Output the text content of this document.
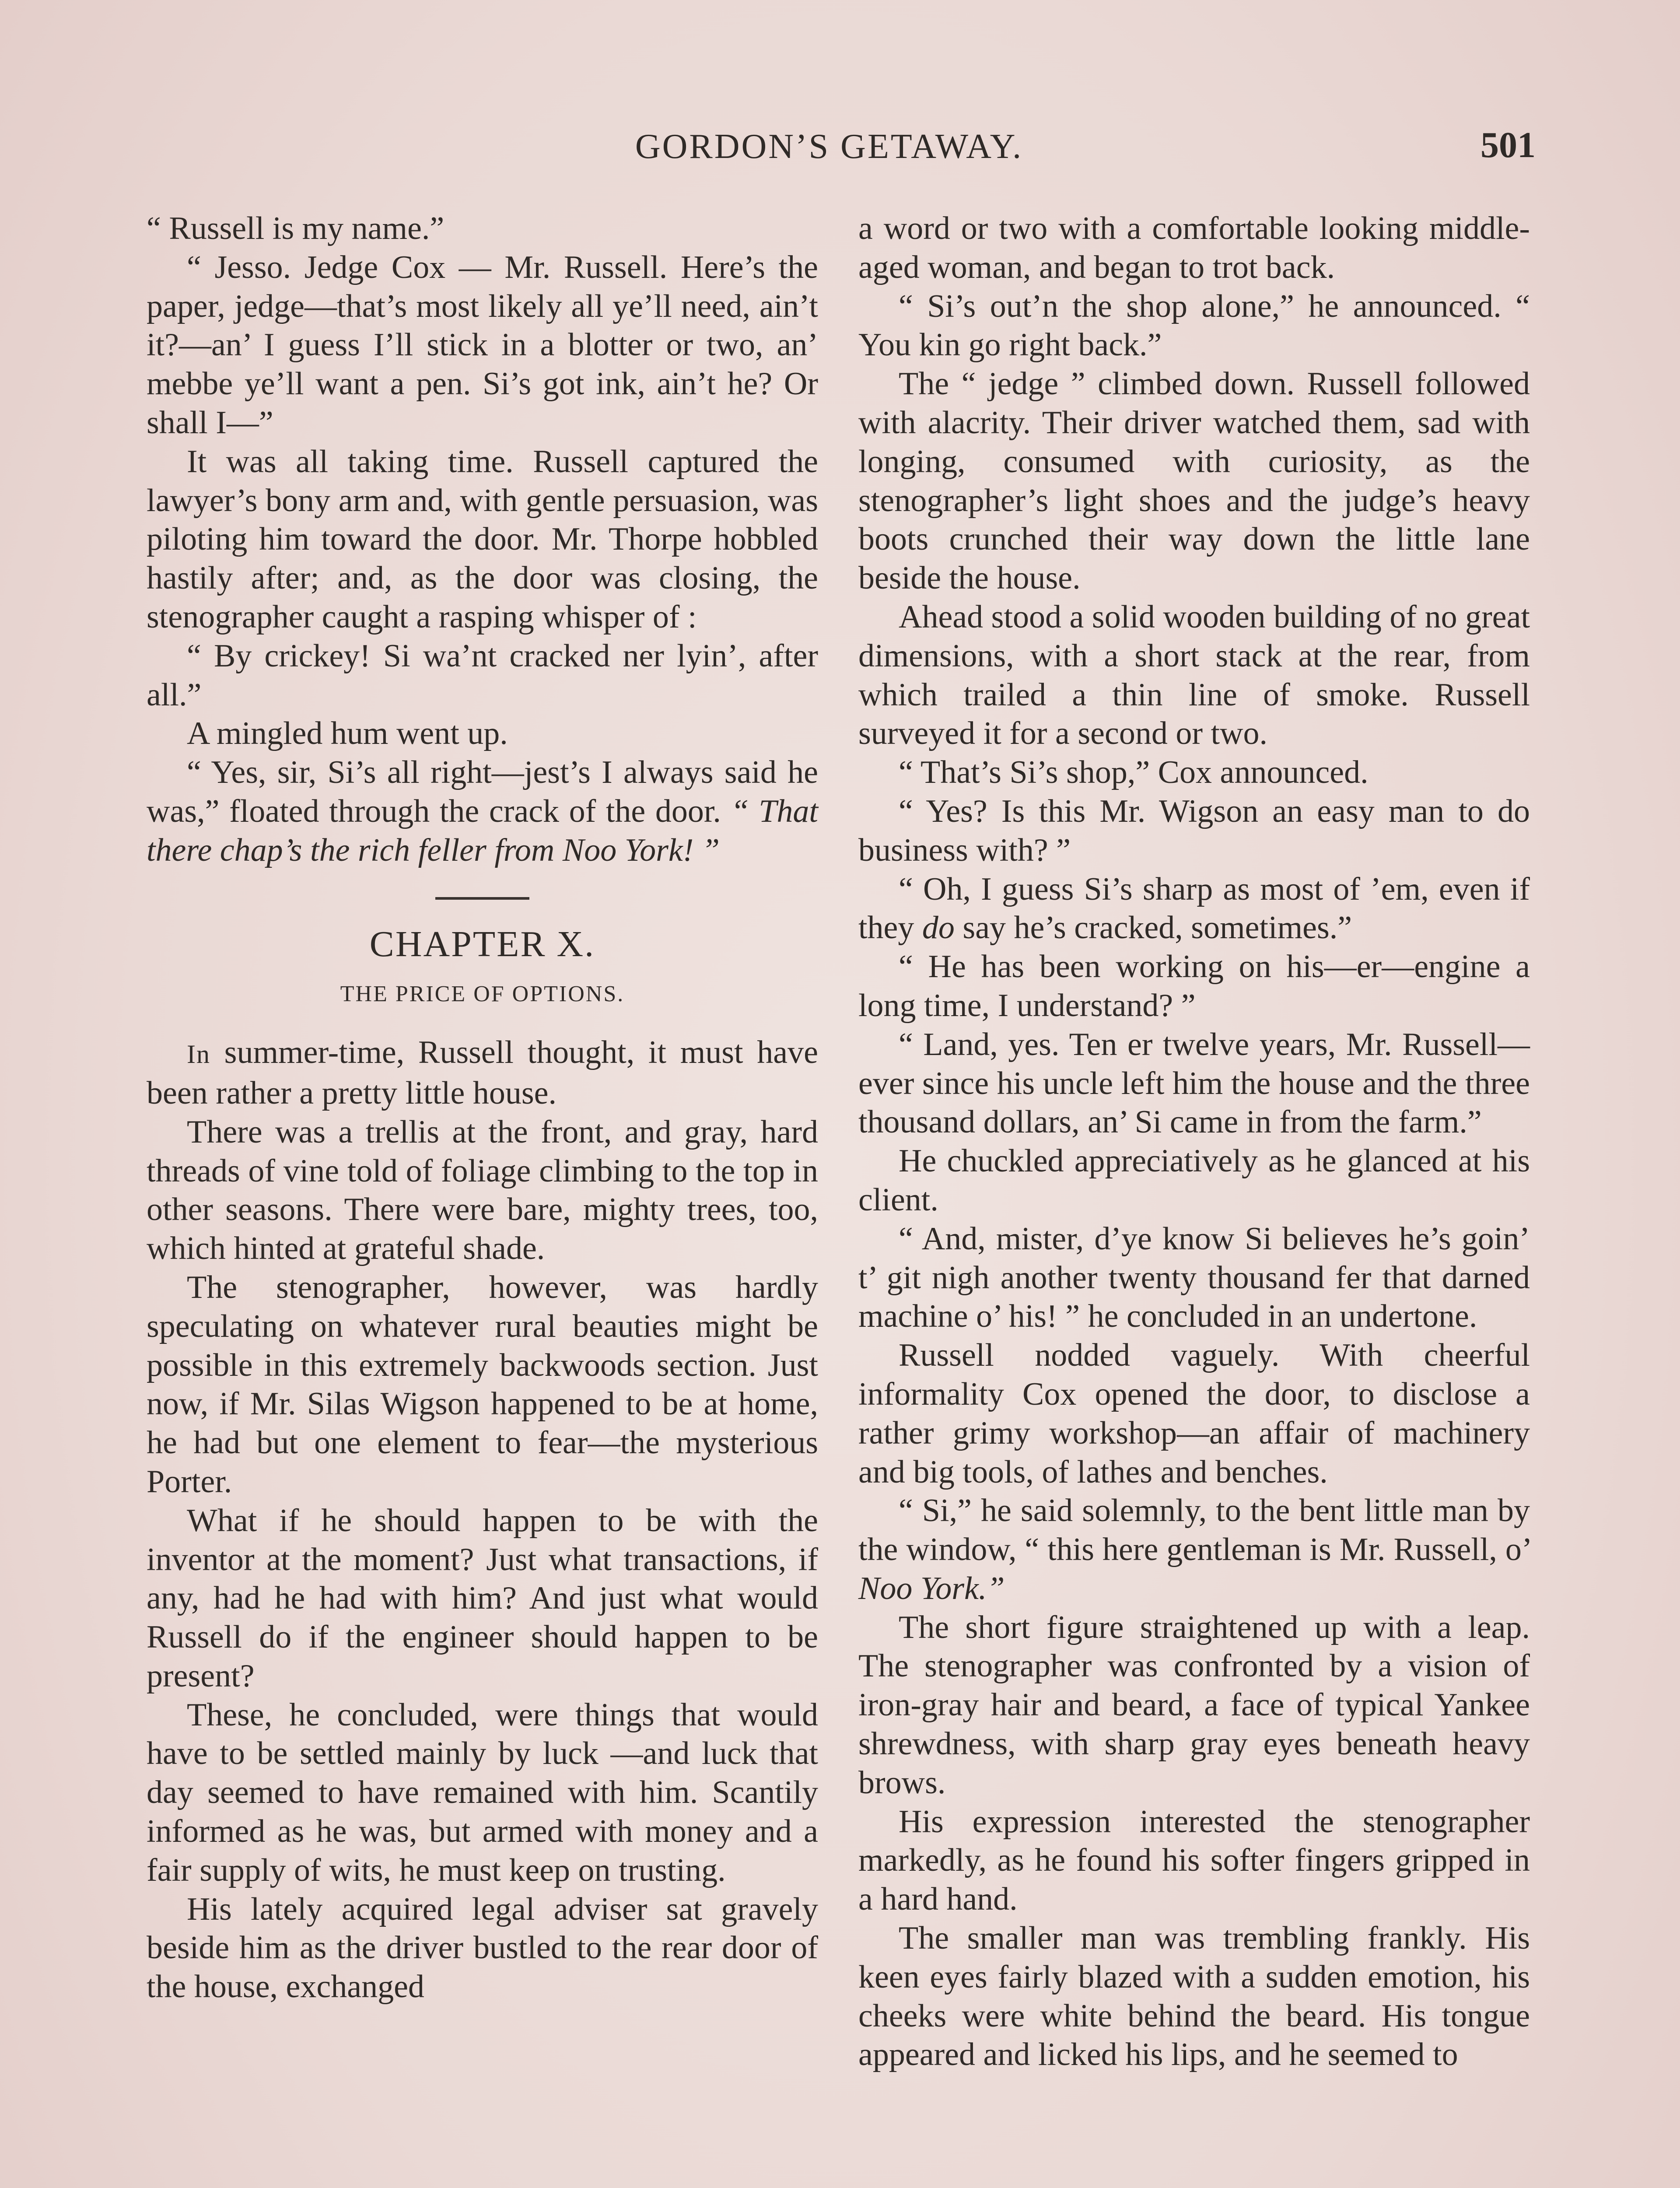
GORDON’S GETAWAY.	501

“ Russell is my name.”

“ Jesso. Jedge Cox — Mr. Russell. Here’s the paper, jedge—that’s most likely all ye’ll need, ain’t it?—an’ I guess I’ll stick in a blotter or two, an’ mebbe ye’ll want a pen. Si’s got ink, ain’t he? Or shall I—”

It was all taking time. Russell captured the lawyer’s bony arm and, with gentle persuasion, was piloting him toward the door. Mr. Thorpe hobbled hastily after; and, as the door was closing, the stenographer caught a rasping whisper of :

“ By crickey! Si wa’nt cracked ner lyin’, after all.”

A mingled hum went up.

“ Yes, sir, Si’s all right—jest’s I always said he was,” floated through the crack of the door. “ That there chap’s the rich feller from Noo York! ”

CHAPTER X.

THE PRICE OF OPTIONS.

In summer-time, Russell thought, it must have been rather a pretty little house.

There was a trellis at the front, and gray, hard threads of vine told of foliage climbing to the top in other seasons. There were bare, mighty trees, too, which hinted at grateful shade.

The stenographer, however, was hardly speculating on whatever rural beauties might be possible in this extremely backwoods section. Just now, if Mr. Silas Wigson happened to be at home, he had but one element to fear—the mysterious Porter.

What if he should happen to be with the inventor at the moment? Just what transactions, if any, had he had with him? And just what would Russell do if the engineer should happen to be present?

These, he concluded, were things that would have to be settled mainly by luck —and luck that day seemed to have remained with him. Scantily informed as he was, but armed with money and a fair supply of wits, he must keep on trusting.

His lately acquired legal adviser sat gravely beside him as the driver bustled to the rear door of the house, exchanged

a word or two with a comfortable looking middle-aged woman, and began to trot back.

“ Si’s out’n the shop alone,” he announced. “ You kin go right back.”

The “ jedge ” climbed down. Russell followed with alacrity. Their driver watched them, sad with longing, consumed with curiosity, as the stenographer’s light shoes and the judge’s heavy boots crunched their way down the little lane beside the house.

Ahead stood a solid wooden building of no great dimensions, with a short stack at the rear, from which trailed a thin line of smoke. Russell surveyed it for a second or two.

“ That’s Si’s shop,” Cox announced.

“ Yes? Is this Mr. Wigson an easy man to do business with? ”

“ Oh, I guess Si’s sharp as most of ’em, even if they do say he’s cracked, sometimes.”

“ He has been working on his—er—engine a long time, I understand? ”

“ Land, yes. Ten er twelve years, Mr. Russell—ever since his uncle left him the house and the three thousand dollars, an’ Si came in from the farm.”

He chuckled appreciatively as he glanced at his client.

“ And, mister, d’ye know Si believes he’s goin’ t’ git nigh another twenty thousand fer that darned machine o’ his! ” he concluded in an undertone.

Russell nodded vaguely. With cheerful informality Cox opened the door, to disclose a rather grimy workshop—an affair of machinery and big tools, of lathes and benches.

“ Si,” he said solemnly, to the bent little man by the window, “ this here gentleman is Mr. Russell, o’ Noo York.”

The short figure straightened up with a leap. The stenographer was confronted by a vision of iron-gray hair and beard, a face of typical Yankee shrewdness, with sharp gray eyes beneath heavy brows.

His expression interested the stenographer markedly, as he found his softer fingers gripped in a hard hand.

The smaller man was trembling frankly. His keen eyes fairly blazed with a sudden emotion, his cheeks were white behind the beard. His tongue appeared and licked his lips, and he seemed to
